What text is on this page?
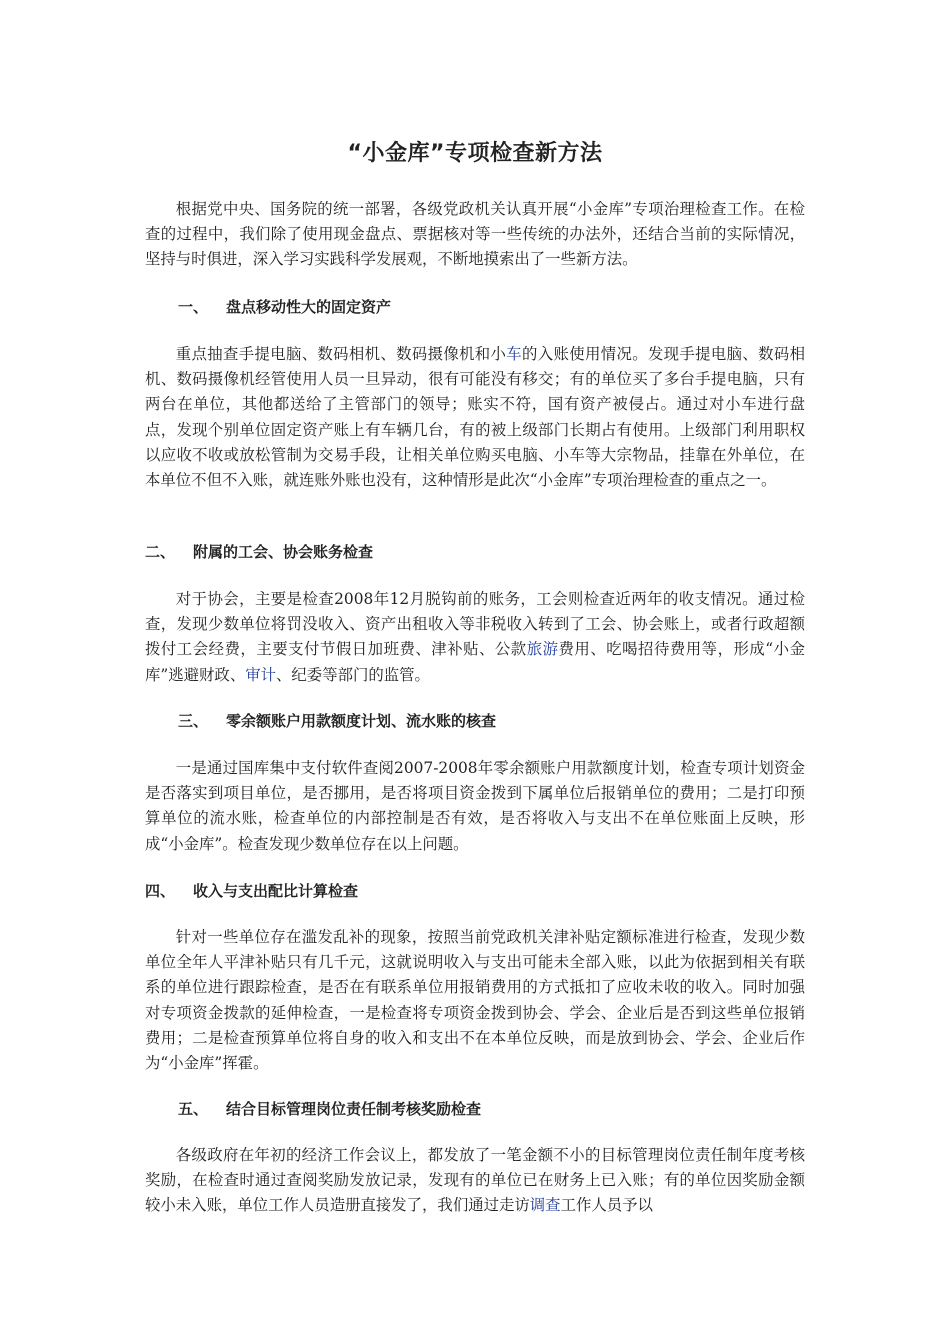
“小金库”专项检查新方法
根据党中央、国务院的统一部署，各级党政机关认真开展“小金库”专项治理检查工作。在检查的过程中，我们除了使用现金盘点、票据核对等一些传统的办法外，还结合当前的实际情况，坚持与时俱进，深入学习实践科学发展观，不断地摸索出了一些新方法。
一、 盘点移动性大的固定资产
重点抽查手提电脑、数码相机、数码摄像机和小车的入账使用情况。发现手提电脑、数码相机、数码摄像机经管使用人员一旦异动，很有可能没有移交；有的单位买了多台手提电脑，只有两台在单位，其他都送给了主管部门的领导；账实不符，国有资产被侵占。通过对小车进行盘点，发现个别单位固定资产账上有车辆几台，有的被上级部门长期占有使用。上级部门利用职权以应收不收或放松管制为交易手段，让相关单位购买电脑、小车等大宗物品，挂靠在外单位，在本单位不但不入账，就连账外账也没有，这种情形是此次“小金库”专项治理检查的重点之一。
二、 附属的工会、协会账务检查
对于协会，主要是检查2008年12月脱钩前的账务，工会则检查近两年的收支情况。通过检查，发现少数单位将罚没收入、资产出租收入等非税收入转到了工会、协会账上，或者行政超额拨付工会经费，主要支付节假日加班费、津补贴、公款旅游费用、吃喝招待费用等，形成“小金库”逃避财政、审计、纪委等部门的监管。
三、 零余额账户用款额度计划、流水账的核查
一是通过国库集中支付软件查阅2007-2008年零余额账户用款额度计划，检查专项计划资金是否落实到项目单位，是否挪用，是否将项目资金拨到下属单位后报销单位的费用；二是打印预算单位的流水账，检查单位的内部控制是否有效，是否将收入与支出不在单位账面上反映，形成“小金库”。检查发现少数单位存在以上问题。
四、 收入与支出配比计算检查
针对一些单位存在滥发乱补的现象，按照当前党政机关津补贴定额标准进行检查，发现少数单位全年人平津补贴只有几千元，这就说明收入与支出可能未全部入账，以此为依据到相关有联系的单位进行跟踪检查，是否在有联系单位用报销费用的方式抵扣了应收未收的收入。同时加强对专项资金拨款的延伸检查，一是检查将专项资金拨到协会、学会、企业后是否到这些单位报销费用；二是检查预算单位将自身的收入和支出不在本单位反映，而是放到协会、学会、企业后作为“小金库”挥霍。
五、 结合目标管理岗位责任制考核奖励检查
各级政府在年初的经济工作会议上，都发放了一笔金额不小的目标管理岗位责任制年度考核奖励，在检查时通过查阅奖励发放记录，发现有的单位已在财务上已入账；有的单位因奖励金额较小未入账，单位工作人员造册直接发了，我们通过走访调查工作人员予以
